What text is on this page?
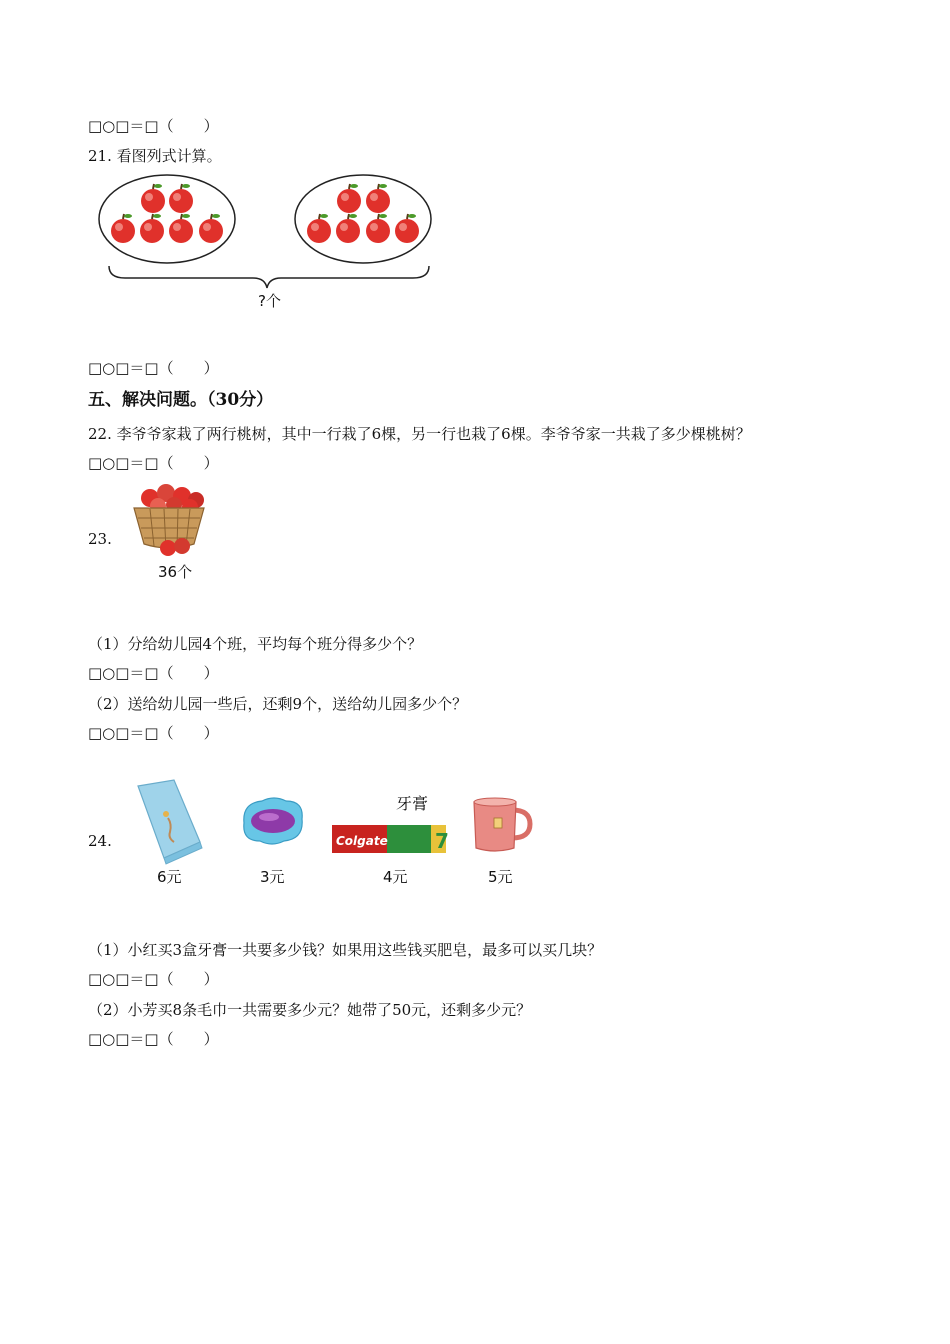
□○□＝□（　　）
21. 看图列式计算。
?个
□○□＝□（　　）
五、解决问题。（30分）
22. 李爷爷家栽了两行桃树，其中一行栽了6棵，另一行也栽了6棵。李爷爷家一共栽了多少棵桃树？
□○□＝□（　　）
23.
36个
（1）分给幼儿园4个班，平均每个班分得多少个？
□○□＝□（　　）
（2）送给幼儿园一些后，还剩9个，送给幼儿园多少个？
□○□＝□（　　）
24.
6元	3元
牙膏
7
Colgate
4元	5元
（1）小红买3盒牙膏一共要多少钱？如果用这些钱买肥皂，最多可以买几块？
□○□＝□（　　）
（2）小芳买8条毛巾一共需要多少元？她带了50元，还剩多少元？
□○□＝□（　　）
